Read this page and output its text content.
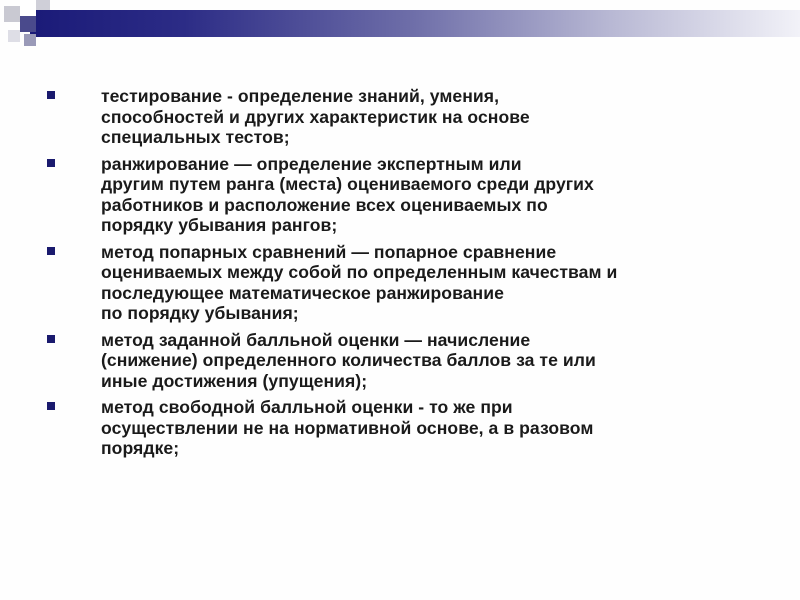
тестирование - определение знаний, умения,
способностей и других характеристик на основе
специальных тестов;
ранжирование — определение экспертным или
другим путем ранга (места) оцениваемого среди других
работников и расположение всех оцениваемых по
порядку убывания рангов;
метод попарных сравнений — попарное сравнение
оцениваемых между собой по определенным качествам и
последующее математическое ранжирование
по порядку убывания;
метод заданной балльной оценки — начисление
(снижение) определенного количества баллов за те или
иные достижения (упущения);
метод свободной балльной оценки - то же при
осуществлении не на нормативной основе, а в разовом
порядке;
